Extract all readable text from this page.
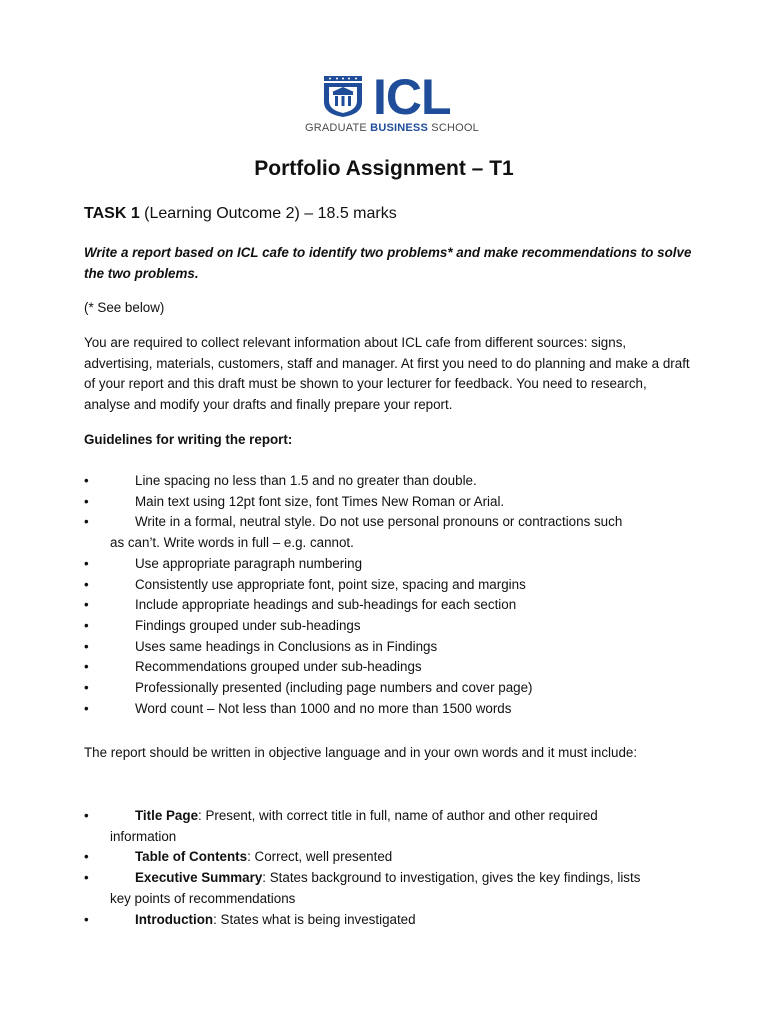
ICL
GRADUATE BUSINESS SCHOOL
Portfolio Assignment – T1
TASK 1 (Learning Outcome 2) – 18.5 marks
Write a report based on ICL cafe to identify two problems* and make recommendations to solve the two problems.
(* See below)
You are required to collect relevant information about ICL cafe from different sources: signs, advertising, materials, customers, staff and manager. At first you need to do planning and make a draft of your report and this draft must be shown to your lecturer for feedback. You need to research, analyse and modify your drafts and finally prepare your report.
Guidelines for writing the report:
•	Line spacing no less than 1.5 and no greater than double.
•	Main text using 12pt font size, font Times New Roman or Arial.
•	Write in a formal, neutral style. Do not use personal pronouns or contractions such
as can’t. Write words in full – e.g. cannot.
•	Use appropriate paragraph numbering
•	Consistently use appropriate font, point size, spacing and margins
•	Include appropriate headings and sub-headings for each section
•	Findings grouped under sub-headings
•	Uses same headings in Conclusions as in Findings
•	Recommendations grouped under sub-headings
•	Professionally presented (including page numbers and cover page)
•	Word count – Not less than 1000 and no more than 1500 words
The report should be written in objective language and in your own words and it must include:
•	Title Page: Present, with correct title in full, name of author and other required
information
•	Table of Contents: Correct, well presented
•	Executive Summary: States background to investigation, gives the key findings, lists
key points of recommendations
•	Introduction: States what is being investigated
